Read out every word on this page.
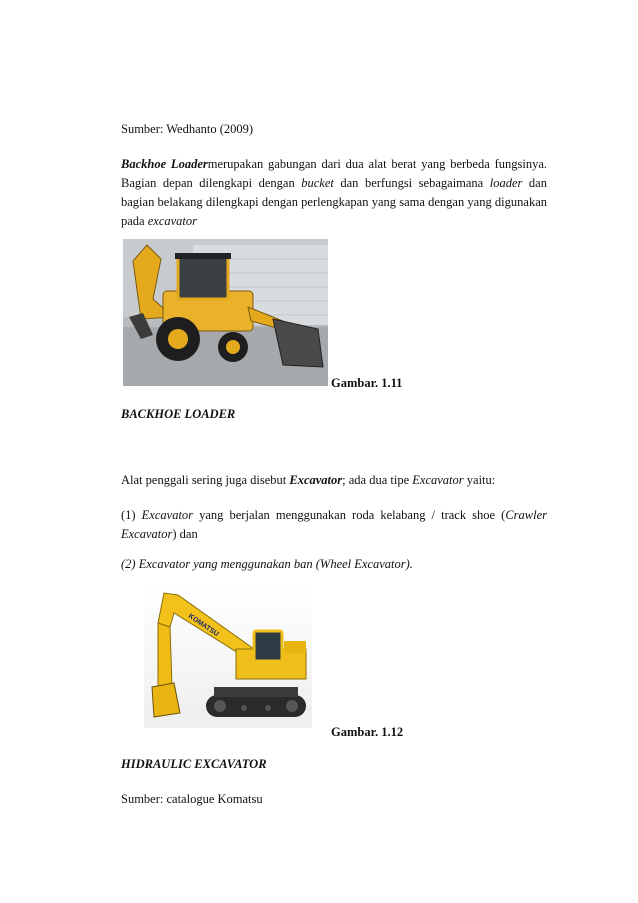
Sumber: Wedhanto (2009)

Backhoe Loadermerupakan gabungan dari dua alat berat yang berbeda fungsinya. Bagian depan dilengkapi dengan bucket dan berfungsi sebagaimana loader dan bagian belakang dilengkapi dengan perlengkapan yang sama dengan yang digunakan pada excavator

Gambar. 1.11

BACKHOE LOADER

Alat penggali sering juga disebut Excavator; ada dua tipe Excavator yaitu:

(1) Excavator yang berjalan menggunakan roda kelabang / track shoe (Crawler Excavator) dan

(2) Excavator yang menggunakan ban (Wheel Excavator).

KOMATSU
Gambar. 1.12

HIDRAULIC EXCAVATOR

Sumber: catalogue Komatsu
